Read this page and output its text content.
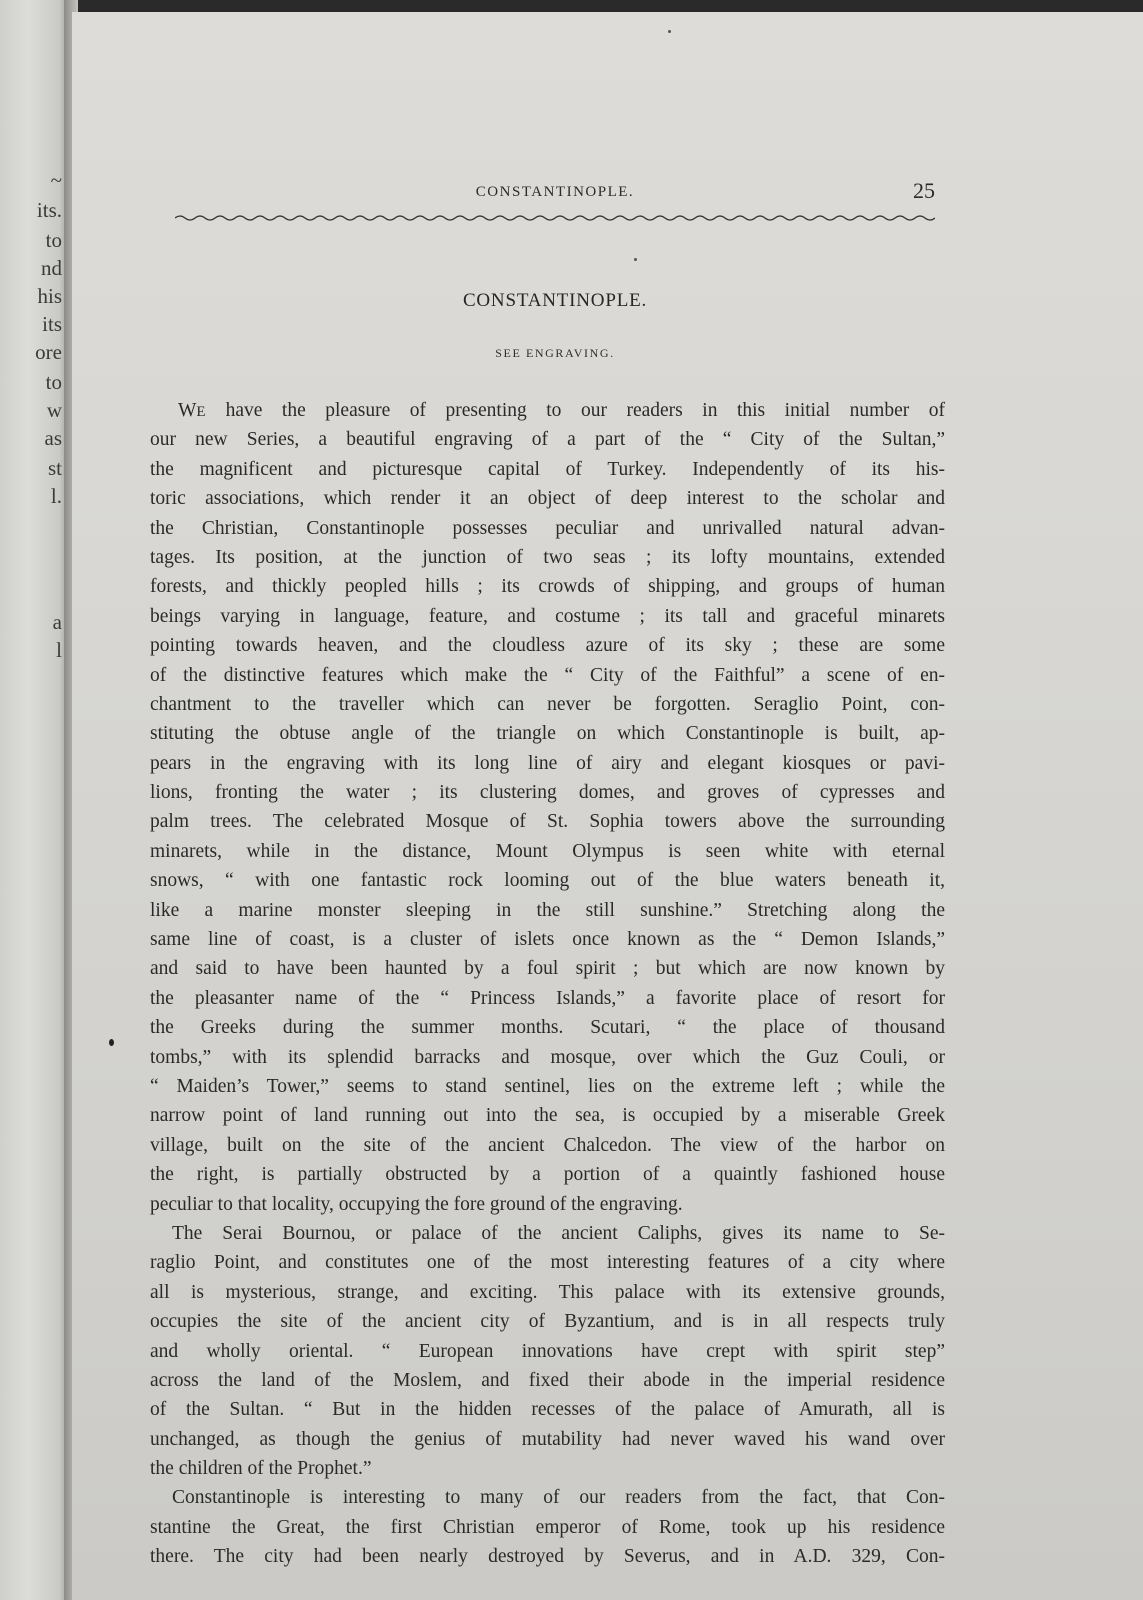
~
its.
to
nd
his
its
ore
to
w
as
st
l.
a
l
CONSTANTINOPLE.	25
CONSTANTINOPLE.
SEE ENGRAVING.
WE have the pleasure of presenting to our readers in this initial number of
our new Series, a beautiful engraving of a part of the “ City of the Sultan,”
the magnificent and picturesque capital of Turkey. Independently of its his-
toric associations, which render it an object of deep interest to the scholar and
the Christian, Constantinople possesses peculiar and unrivalled natural advan-
tages. Its position, at the junction of two seas ; its lofty mountains, extended
forests, and thickly peopled hills ; its crowds of shipping, and groups of human
beings varying in language, feature, and costume ; its tall and graceful minarets
pointing towards heaven, and the cloudless azure of its sky ; these are some
of the distinctive features which make the “ City of the Faithful” a scene of en-
chantment to the traveller which can never be forgotten. Seraglio Point, con-
stituting the obtuse angle of the triangle on which Constantinople is built, ap-
pears in the engraving with its long line of airy and elegant kiosques or pavi-
lions, fronting the water ; its clustering domes, and groves of cypresses and
palm trees. The celebrated Mosque of St. Sophia towers above the surrounding
minarets, while in the distance, Mount Olympus is seen white with eternal
snows, “ with one fantastic rock looming out of the blue waters beneath it,
like a marine monster sleeping in the still sunshine.” Stretching along the
same line of coast, is a cluster of islets once known as the “ Demon Islands,”
and said to have been haunted by a foul spirit ; but which are now known by
the pleasanter name of the “ Princess Islands,” a favorite place of resort for
the Greeks during the summer months. Scutari, “ the place of thousand
tombs,” with its splendid barracks and mosque, over which the Guz Couli, or
“ Maiden’s Tower,” seems to stand sentinel, lies on the extreme left ; while the
narrow point of land running out into the sea, is occupied by a miserable Greek
village, built on the site of the ancient Chalcedon. The view of the harbor on
the right, is partially obstructed by a portion of a quaintly fashioned house
peculiar to that locality, occupying the fore ground of the engraving.
The Serai Bournou, or palace of the ancient Caliphs, gives its name to Se-
raglio Point, and constitutes one of the most interesting features of a city where
all is mysterious, strange, and exciting. This palace with its extensive grounds,
occupies the site of the ancient city of Byzantium, and is in all respects truly
and wholly oriental. “ European innovations have crept with spirit step”
across the land of the Moslem, and fixed their abode in the imperial residence
of the Sultan. “ But in the hidden recesses of the palace of Amurath, all is
unchanged, as though the genius of mutability had never waved his wand over
the children of the Prophet.”
Constantinople is interesting to many of our readers from the fact, that Con-
stantine the Great, the first Christian emperor of Rome, took up his residence
there. The city had been nearly destroyed by Severus, and in A.D. 329, Con-
